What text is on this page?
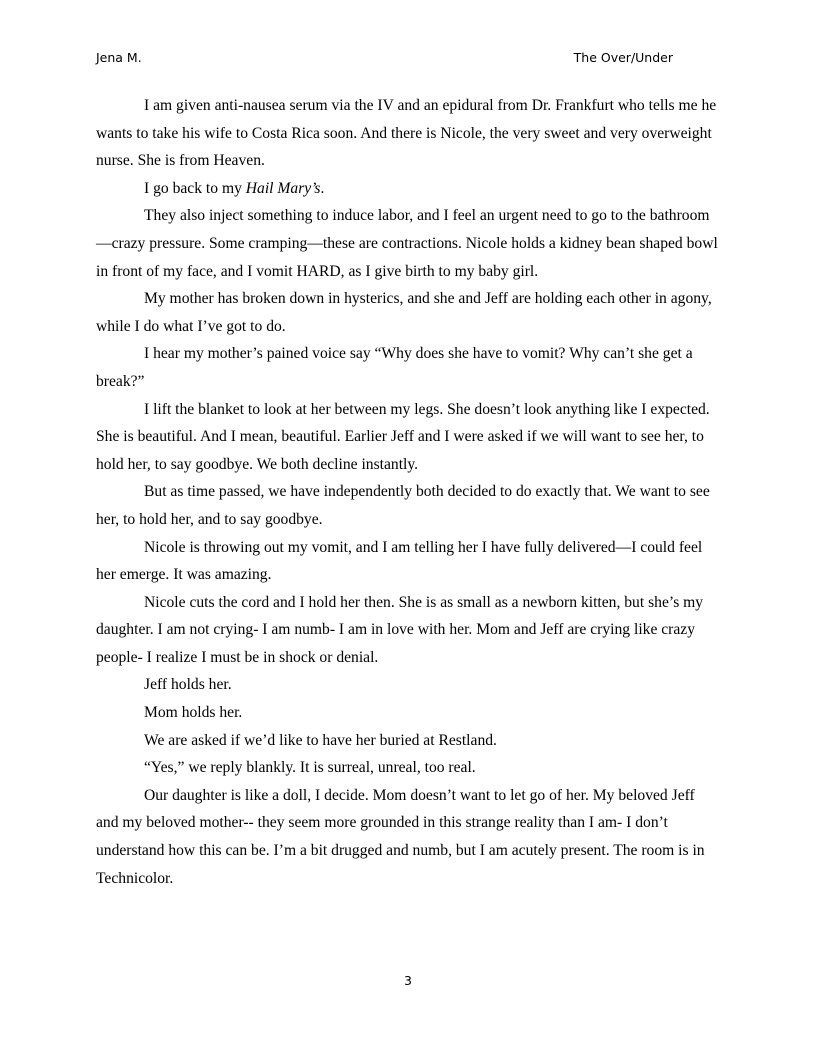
Jena M.	The Over/Under

I am given anti-nausea serum via the IV and an epidural from Dr. Frankfurt who tells me he wants to take his wife to Costa Rica soon. And there is Nicole, the very sweet and very overweight nurse. She is from Heaven.

I go back to my Hail Mary’s.

They also inject something to induce labor, and I feel an urgent need to go to the bathroom—crazy pressure. Some cramping—these are contractions. Nicole holds a kidney bean shaped bowl in front of my face, and I vomit HARD, as I give birth to my baby girl.

My mother has broken down in hysterics, and she and Jeff are holding each other in agony, while I do what I’ve got to do.

I hear my mother’s pained voice say “Why does she have to vomit? Why can’t she get a break?”

I lift the blanket to look at her between my legs. She doesn’t look anything like I expected. She is beautiful. And I mean, beautiful. Earlier Jeff and I were asked if we will want to see her, to hold her, to say goodbye. We both decline instantly.

But as time passed, we have independently both decided to do exactly that. We want to see her, to hold her, and to say goodbye.

Nicole is throwing out my vomit, and I am telling her I have fully delivered—I could feel her emerge. It was amazing.

Nicole cuts the cord and I hold her then. She is as small as a newborn kitten, but she’s my daughter. I am not crying- I am numb- I am in love with her. Mom and Jeff are crying like crazy people- I realize I must be in shock or denial.

Jeff holds her.

Mom holds her.

We are asked if we’d like to have her buried at Restland.

“Yes,” we reply blankly. It is surreal, unreal, too real.

Our daughter is like a doll, I decide. Mom doesn’t want to let go of her. My beloved Jeff and my beloved mother-- they seem more grounded in this strange reality than I am- I don’t understand how this can be. I’m a bit drugged and numb, but I am acutely present. The room is in Technicolor.

3
